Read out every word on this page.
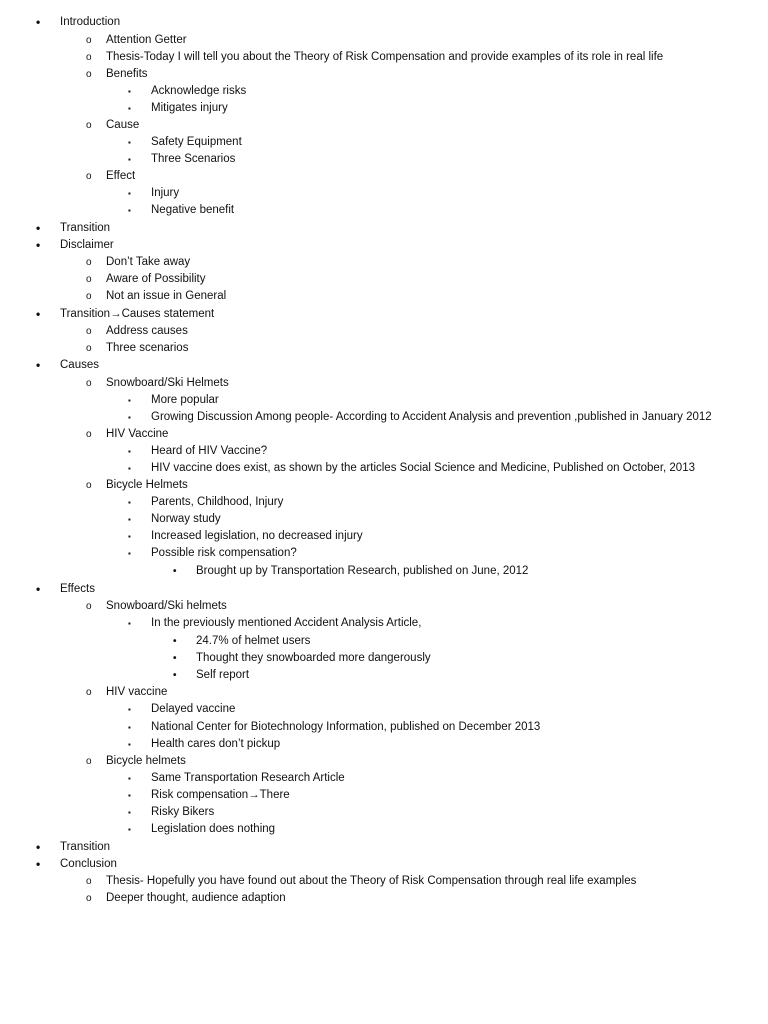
• Introduction
o Attention Getter
o Thesis-Today I will tell you about the Theory of Risk Compensation and provide examples of its role in real life
o Benefits
▪ Acknowledge risks
▪ Mitigates injury
o Cause
▪ Safety Equipment
▪ Three Scenarios
o Effect
▪ Injury
▪ Negative benefit
• Transition
• Disclaimer
o Don’t Take away
o Aware of Possibility
o Not an issue in General
• Transition→Causes statement
o Address causes
o Three scenarios
• Causes
o Snowboard/Ski Helmets
▪ More popular
▪ Growing Discussion Among people- According to Accident Analysis and prevention ,published in January 2012
o HIV Vaccine
▪ Heard of HIV Vaccine?
▪ HIV vaccine does exist, as shown by the articles Social Science and Medicine, Published on October, 2013
o Bicycle Helmets
▪ Parents, Childhood, Injury
▪ Norway study
▪ Increased legislation, no decreased injury
▪ Possible risk compensation?
• Brought up by Transportation Research, published on June, 2012
• Effects
o Snowboard/Ski helmets
▪ In the previously mentioned Accident Analysis Article,
• 24.7% of helmet users
• Thought they snowboarded more dangerously
• Self report
o HIV vaccine
▪ Delayed vaccine
▪ National Center for Biotechnology Information, published on December 2013
▪ Health cares don’t pickup
o Bicycle helmets
▪ Same Transportation Research Article
▪ Risk compensation→There
▪ Risky Bikers
▪ Legislation does nothing
• Transition
• Conclusion
o Thesis- Hopefully you have found out about the Theory of Risk Compensation through real life examples
o Deeper thought, audience adaption
